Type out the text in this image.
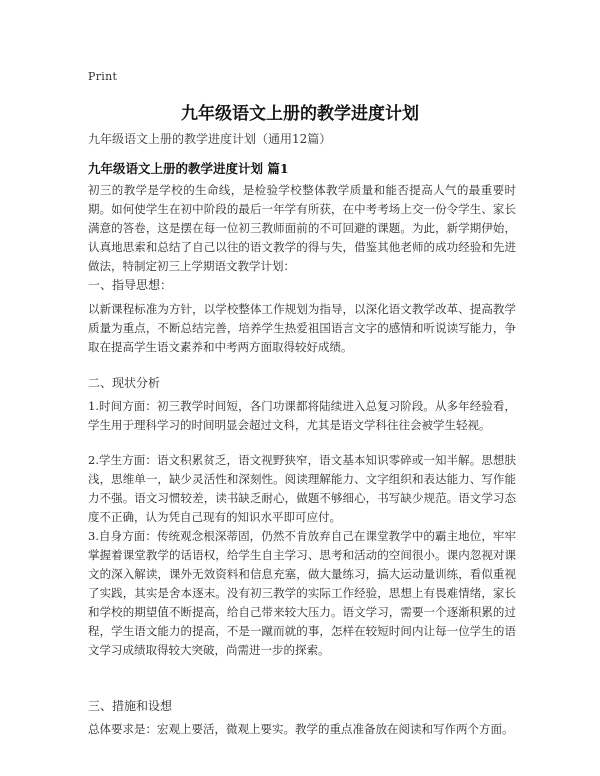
Print
九年级语文上册的教学进度计划
九年级语文上册的教学进度计划（通用12篇）
九年级语文上册的教学进度计划 篇1

初三的教学是学校的生命线，是检验学校整体教学质量和能否提高人气的最重要时期。如何使学生在初中阶段的最后一年学有所获，在中考考场上交一份令学生、家长满意的答卷，这是摆在每一位初三教师面前的不可回避的课题。为此，新学期伊始，认真地思索和总结了自己以往的语文教学的得与失，借鉴其他老师的成功经验和先进做法，特制定初三上学期语文教学计划：

一、指导思想：

以新课程标准为方针，以学校整体工作规划为指导，以深化语文教学改革、提高教学质量为重点，不断总结完善，培养学生热爱祖国语言文字的感情和听说读写能力，争取在提高学生语文素养和中考两方面取得较好成绩。

二、现状分析

1.时间方面：初三教学时间短，各门功课都将陆续进入总复习阶段。从多年经验看，学生用于理科学习的时间明显会超过文科，尤其是语文学科往往会被学生轻视。

2.学生方面：语文积累贫乏，语文视野狭窄，语文基本知识零碎或一知半解。思想肤浅，思维单一，缺少灵活性和深刻性。阅读理解能力、文字组织和表达能力、写作能力不强。语文习惯较差，读书缺乏耐心，做题不够细心，书写缺少规范。语文学习态度不正确，认为凭自己现有的知识水平即可应付。

3.自身方面：传统观念根深蒂固，仍然不肯放弃自己在课堂教学中的霸主地位，牢牢掌握着课堂教学的话语权，给学生自主学习、思考和活动的空间很小。课内忽视对课文的深入解读，课外无效资料和信息充塞，做大量练习，搞大运动量训练，看似重视了实践，其实是舍本逐末。没有初三教学的实际工作经验，思想上有畏难情绪，家长和学校的期望值不断提高，给自己带来较大压力。语文学习，需要一个逐渐积累的过程，学生语文能力的提高，不是一蹴而就的事，怎样在较短时间内让每一位学生的语文学习成绩取得较大突破，尚需进一步的探索。

三、措施和设想

总体要求是：宏观上要活，微观上要实。教学的重点准备放在阅读和写作两个方面。
